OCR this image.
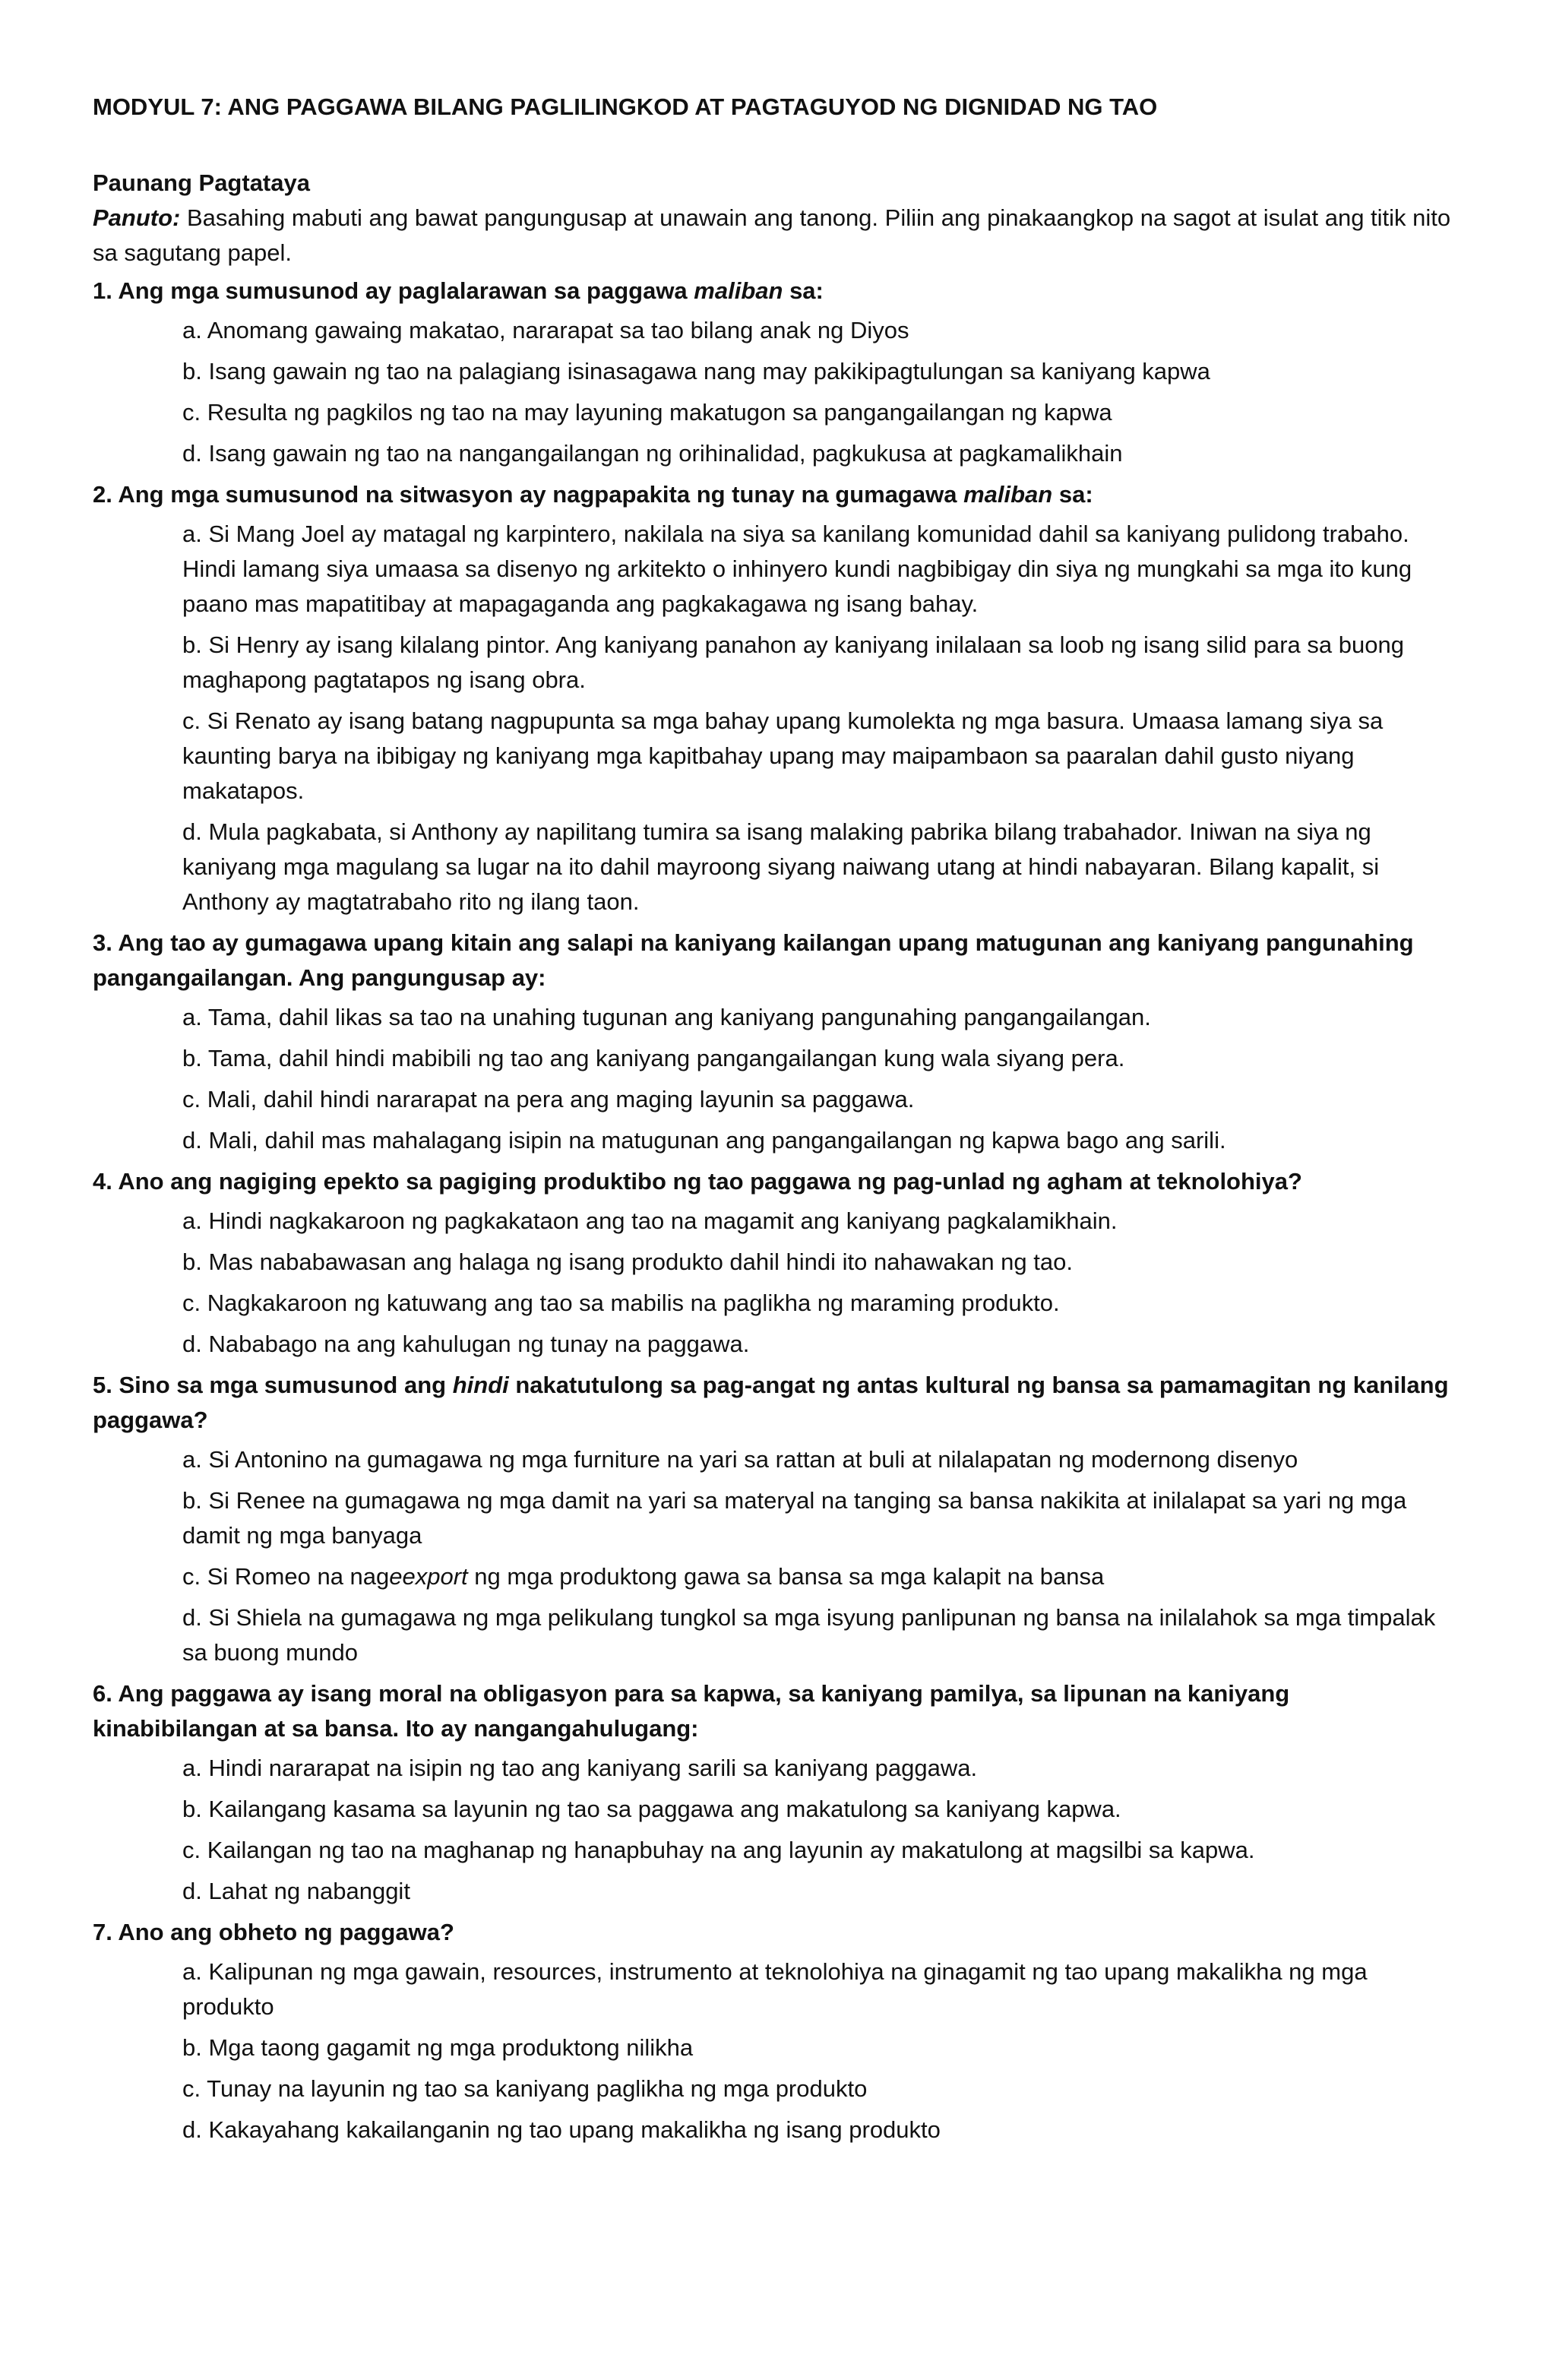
MODYUL 7: ANG PAGGAWA BILANG PAGLILINGKOD AT PAGTAGUYOD NG DIGNIDAD NG TAO
Paunang Pagtataya

Panuto: Basahing mabuti ang bawat pangungusap at unawain ang tanong. Piliin ang pinakaangkop na sagot at isulat ang titik nito sa sagutang papel.

1. Ang mga sumusunod ay paglalarawan sa paggawa maliban sa:
a. Anomang gawaing makatao, nararapat sa tao bilang anak ng Diyos
b. Isang gawain ng tao na palagiang isinasagawa nang may pakikipagtulungan sa kaniyang kapwa
c. Resulta ng pagkilos ng tao na may layuning makatugon sa pangangailangan ng kapwa
d. Isang gawain ng tao na nangangailangan ng orihinalidad, pagkukusa at pagkamalikhain
2. Ang mga sumusunod na sitwasyon ay nagpapakita ng tunay na gumagawa maliban sa:
a. Si Mang Joel ay matagal ng karpintero, nakilala na siya sa kanilang komunidad dahil sa kaniyang pulidong trabaho. Hindi lamang siya umaasa sa disenyo ng arkitekto o inhinyero kundi nagbibigay din siya ng mungkahi sa mga ito kung paano mas mapatitibay at mapagaganda ang pagkakagawa ng isang bahay.
b. Si Henry ay isang kilalang pintor. Ang kaniyang panahon ay kaniyang inilalaan sa loob ng isang silid para sa buong maghapong pagtatapos ng isang obra.
c. Si Renato ay isang batang nagpupunta sa mga bahay upang kumolekta ng mga basura. Umaasa lamang siya sa kaunting barya na ibibigay ng kaniyang mga kapitbahay upang may maipambaon sa paaralan dahil gusto niyang makatapos.
d. Mula pagkabata, si Anthony ay napilitang tumira sa isang malaking pabrika bilang trabahador. Iniwan na siya ng kaniyang mga magulang sa lugar na ito dahil mayroong siyang naiwang utang at hindi nabayaran. Bilang kapalit, si Anthony ay magtatrabaho rito ng ilang taon.
3. Ang tao ay gumagawa upang kitain ang salapi na kaniyang kailangan upang matugunan ang kaniyang pangunahing pangangailangan. Ang pangungusap ay:
a. Tama, dahil likas sa tao na unahing tugunan ang kaniyang pangunahing pangangailangan.
b. Tama, dahil hindi mabibili ng tao ang kaniyang pangangailangan kung wala siyang pera.
c. Mali, dahil hindi nararapat na pera ang maging layunin sa paggawa.
d. Mali, dahil mas mahalagang isipin na matugunan ang pangangailangan ng kapwa bago ang sarili.
4. Ano ang nagiging epekto sa pagiging produktibo ng tao paggawa ng pag-unlad ng agham at teknolohiya?
a. Hindi nagkakaroon ng pagkakataon ang tao na magamit ang kaniyang pagkalamikhain.
b. Mas nababawasan ang halaga ng isang produkto dahil hindi ito nahawakan ng tao.
c. Nagkakaroon ng katuwang ang tao sa mabilis na paglikha ng maraming produkto.
d. Nababago na ang kahulugan ng tunay na paggawa.
5. Sino sa mga sumusunod ang hindi nakatutulong sa pag-angat ng antas kultural ng bansa sa pamamagitan ng kanilang paggawa?
a. Si Antonino na gumagawa ng mga furniture na yari sa rattan at buli at nilalapatan ng modernong disenyo
b. Si Renee na gumagawa ng mga damit na yari sa materyal na tanging sa bansa nakikita at inilalapat sa yari ng mga damit ng mga banyaga
c. Si Romeo na nageexport ng mga produktong gawa sa bansa sa mga kalapit na bansa
d. Si Shiela na gumagawa ng mga pelikulang tungkol sa mga isyung panlipunan ng bansa na inilalahok sa mga timpalak sa buong mundo
6. Ang paggawa ay isang moral na obligasyon para sa kapwa, sa kaniyang pamilya, sa lipunan na kaniyang kinabibilangan at sa bansa. Ito ay nangangahulugang:
a. Hindi nararapat na isipin ng tao ang kaniyang sarili sa kaniyang paggawa.
b. Kailangang kasama sa layunin ng tao sa paggawa ang makatulong sa kaniyang kapwa.
c. Kailangan ng tao na maghanap ng hanapbuhay na ang layunin ay makatulong at magsilbi sa kapwa.
d. Lahat ng nabanggit
7. Ano ang obheto ng paggawa?
a. Kalipunan ng mga gawain, resources, instrumento at teknolohiya na ginagamit ng tao upang makalikha ng mga produkto
b. Mga taong gagamit ng mga produktong nilikha
c. Tunay na layunin ng tao sa kaniyang paglikha ng mga produkto
d. Kakayahang kakailanganin ng tao upang makalikha ng isang produkto
